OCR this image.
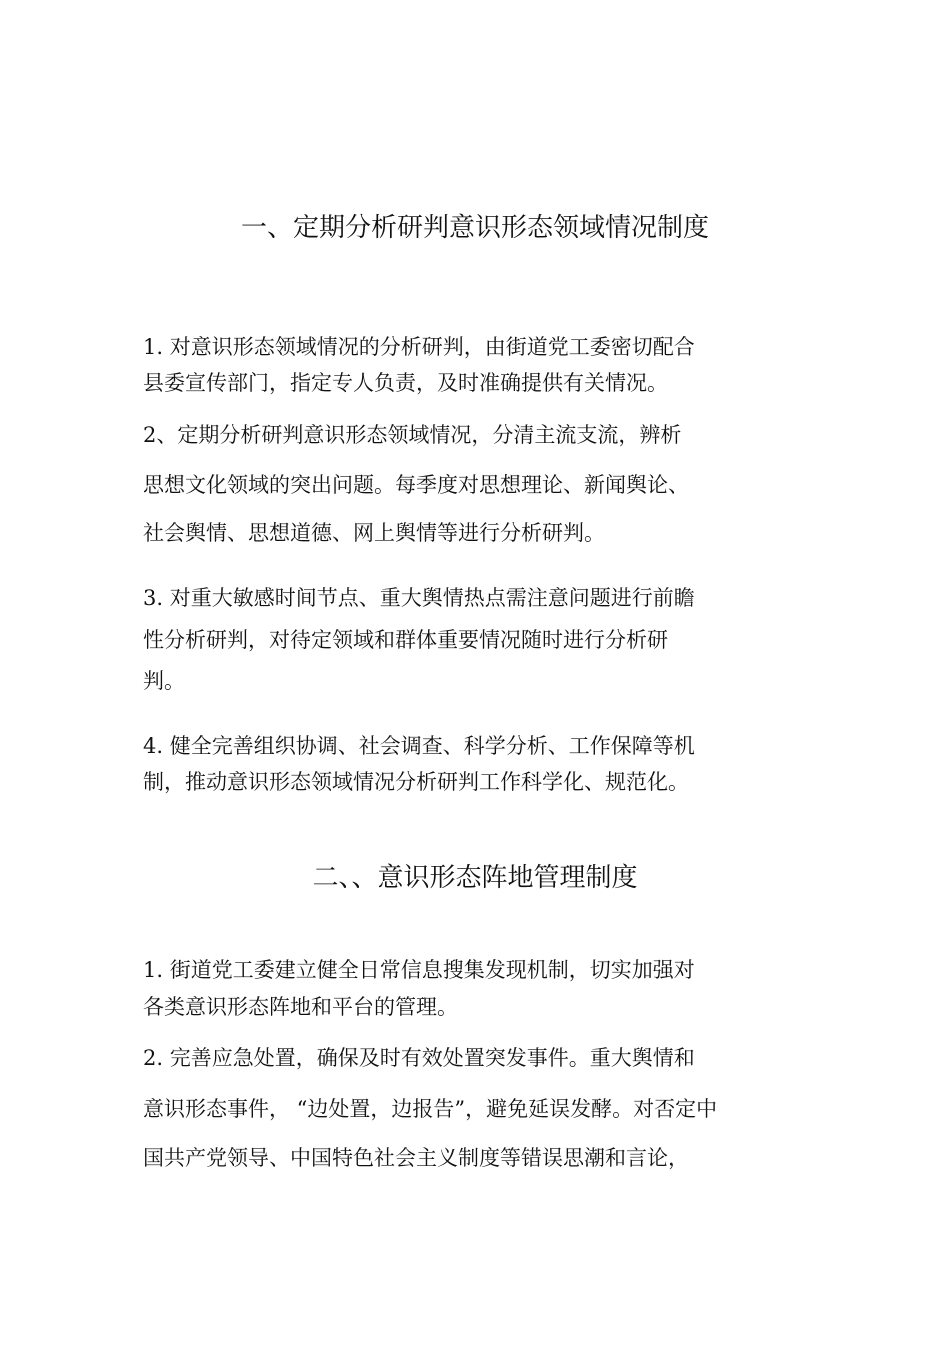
一、定期分析研判意识形态领域情况制度

1. 对意识形态领域情况的分析研判，由街道党工委密切配合

县委宣传部门，指定专人负责，及时准确提供有关情况。

2、定期分析研判意识形态领域情况，分清主流支流，辨析

思想文化领域的突出问题。每季度对思想理论、新闻舆论、

社会舆情、思想道德、网上舆情等进行分析研判。

3. 对重大敏感时间节点、重大舆情热点需注意问题进行前瞻

性分析研判，对待定领域和群体重要情况随时进行分析研

判。

4. 健全完善组织协调、社会调查、科学分析、工作保障等机

制，推动意识形态领域情况分析研判工作科学化、规范化。

二、、意识形态阵地管理制度

1. 街道党工委建立健全日常信息搜集发现机制，切实加强对

各类意识形态阵地和平台的管理。

2. 完善应急处置，确保及时有效处置突发事件。重大舆情和

意识形态事件， “边处置，边报告”，避免延误发酵。对否定中

国共产党领导、中国特色社会主义制度等错误思潮和言论，
